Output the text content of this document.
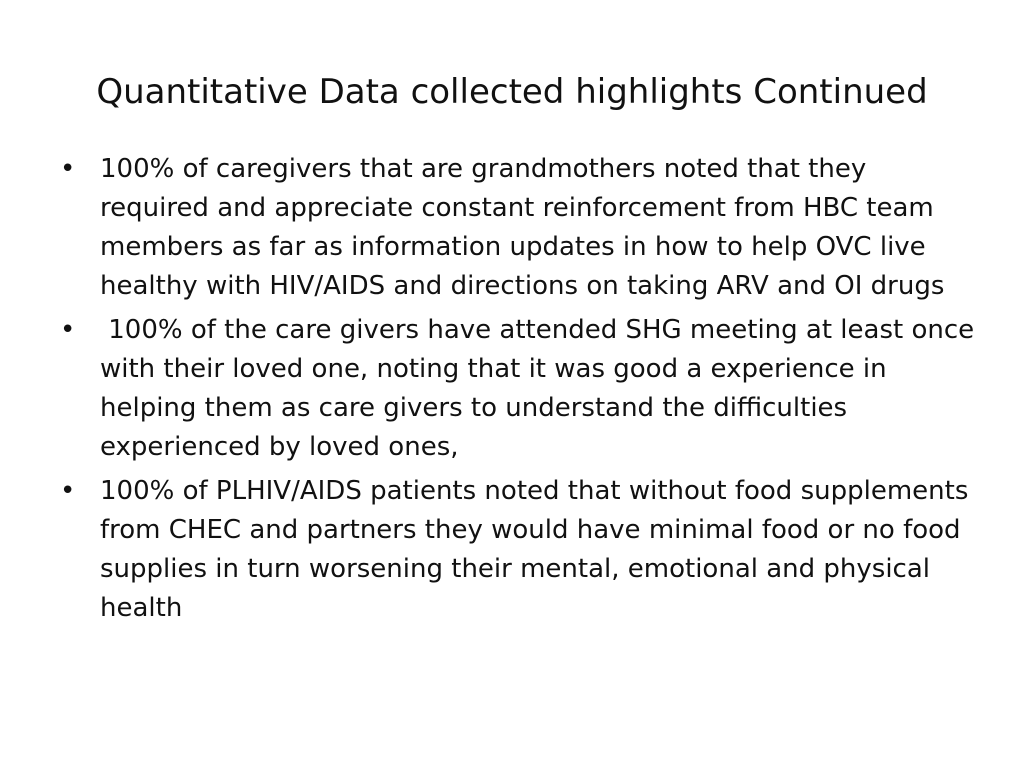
Quantitative Data collected highlights Continued
• 100% of caregivers that are grandmothers noted that they required and appreciate constant reinforcement from HBC team members as far as information updates in how to help OVC live healthy with HIV/AIDS and directions on taking ARV and OI drugs
• 100% of the care givers have attended SHG meeting at least once with their loved one, noting that it was good a experience in helping them as care givers to understand the difficulties experienced by loved ones,
• 100% of PLHIV/AIDS patients noted that without food supplements from CHEC and partners they would have minimal food or no food supplies in turn worsening their mental, emotional and physical health
